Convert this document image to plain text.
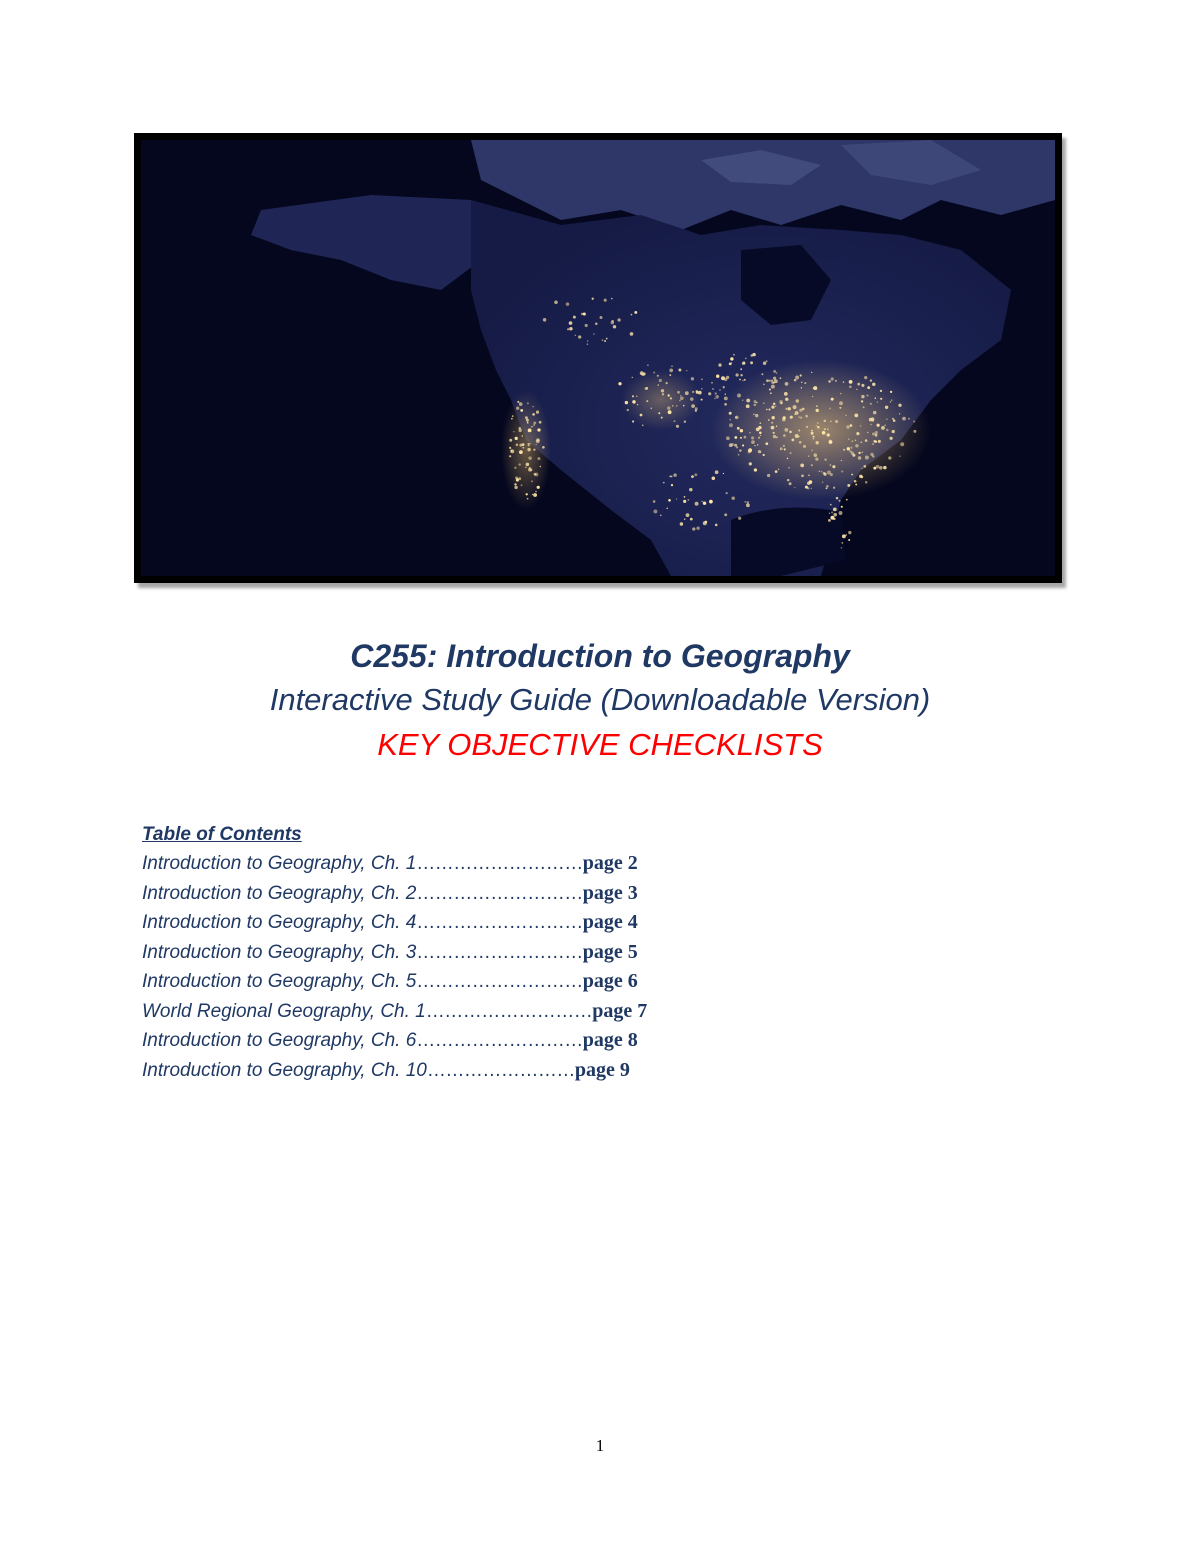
C255: Introduction to Geography

Interactive Study Guide (Downloadable Version)

KEY OBJECTIVE CHECKLISTS

Table of Contents

Introduction to Geography, Ch. 1………………………page 2
Introduction to Geography, Ch. 2………………………page 3
Introduction to Geography, Ch. 4………………………page 4
Introduction to Geography, Ch. 3………………………page 5
Introduction to Geography, Ch. 5………………………page 6
World Regional Geography, Ch. 1………………………page 7
Introduction to Geography, Ch. 6………………………page 8
Introduction to Geography, Ch. 10……………………page 9
1
